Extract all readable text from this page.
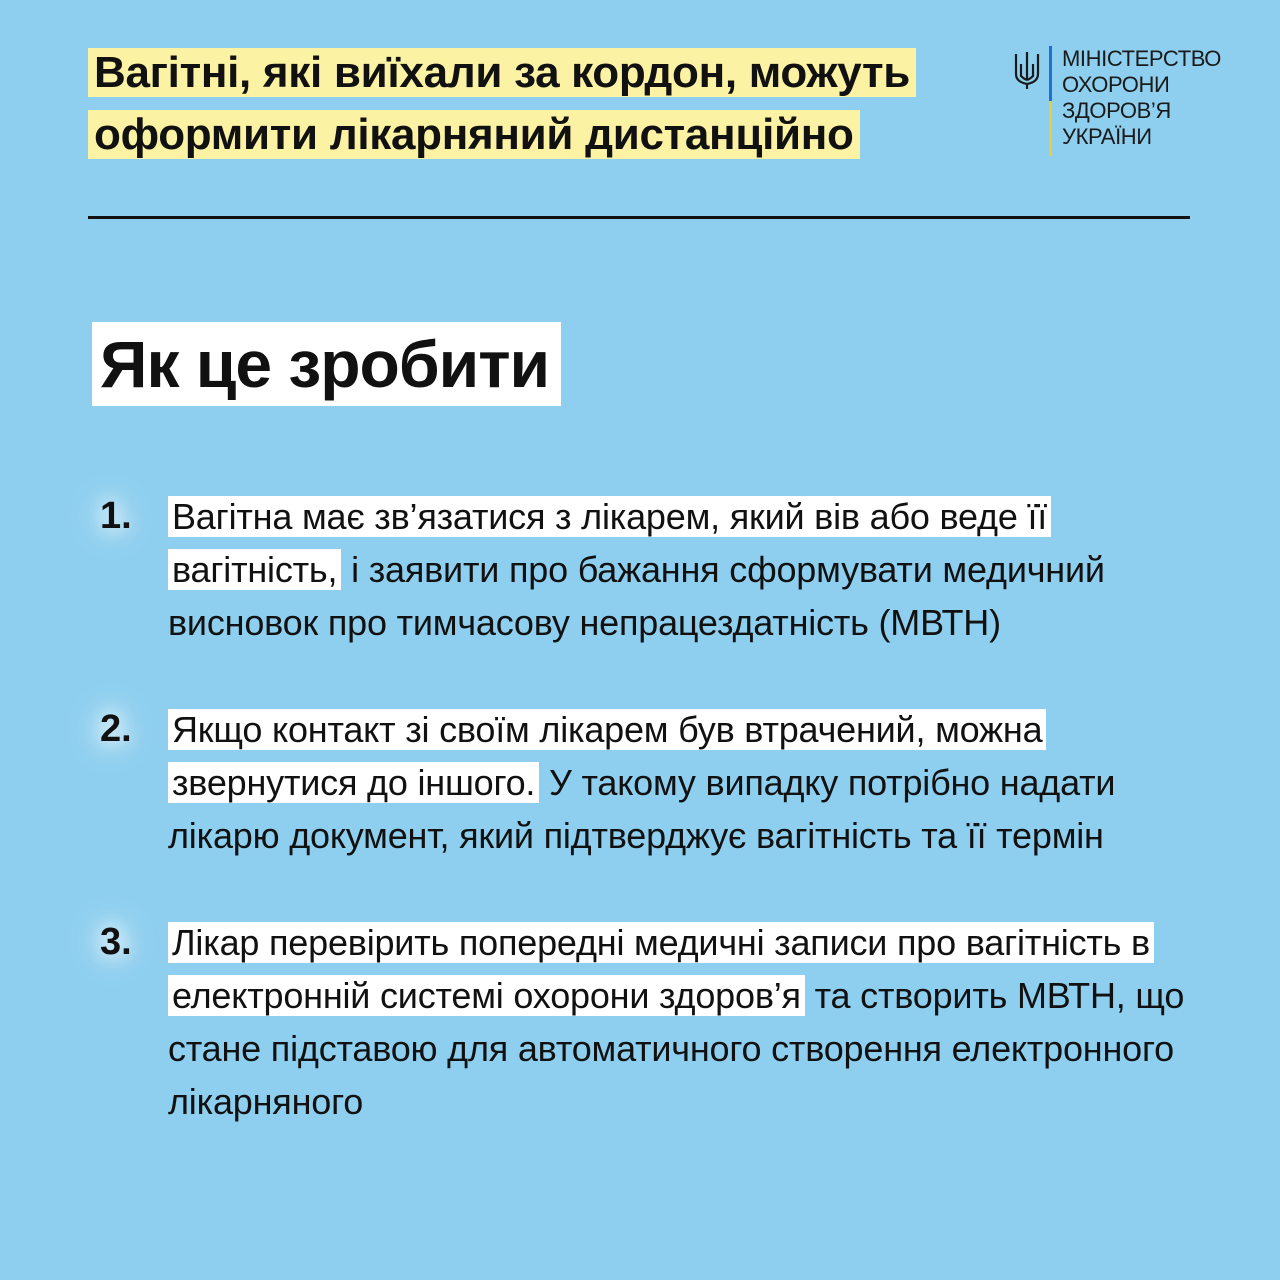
Вагітні, які виїхали за кордон, можуть оформити лікарняний дистанційно
МІНІСТЕРСТВО
ОХОРОНИ
ЗДОРОВ’Я
УКРАЇНИ
Як це зробити
1. Вагітна має зв’язатися з лікарем, який вів або веде її вагітність, і заявити про бажання сформувати медичний висновок про тимчасову непрацездатність (МВТН)
2. Якщо контакт зі своїм лікарем був втрачений, можна звернутися до іншого. У такому випадку потрібно надати лікарю документ, який підтверджує вагітність та її термін
3. Лікар перевірить попередні медичні записи про вагітність в електронній системі охорони здоров’я та створить МВТН, що стане підставою для автоматичного створення електронного лікарняного
